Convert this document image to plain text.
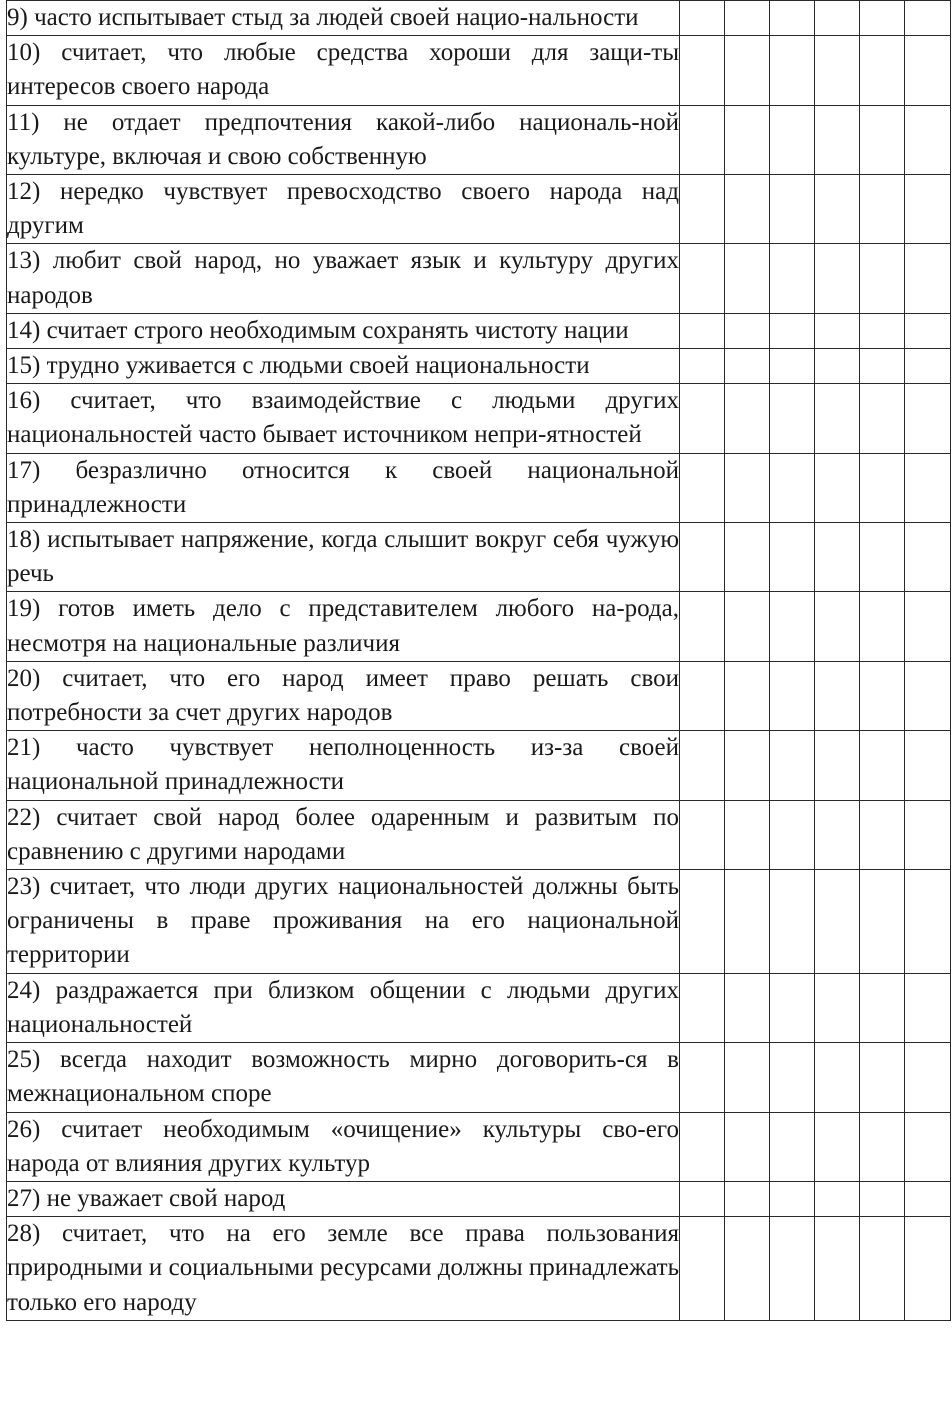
9) часто испытывает стыд за людей своей нацио-нальности						
10) считает, что любые средства хороши для защи-ты интересов своего народа						
11) не отдает предпочтения какой-либо националь-ной культуре, включая и свою собственную						
12) нередко чувствует превосходство своего народа над другим						
13) любит свой народ, но уважает язык и культуру других народов						
14) считает строго необходимым сохранять чистоту нации						
15) трудно уживается с людьми своей национальности						
16) считает, что взаимодействие с людьми других национальностей часто бывает источником непри-ятностей						
17) безразлично относится к своей национальной принадлежности						
18) испытывает напряжение, когда слышит вокруг себя чужую речь						
19) готов иметь дело с представителем любого на-рода, несмотря на национальные различия						
20) считает, что его народ имеет право решать свои потребности за счет других народов						
21) часто чувствует неполноценность из-за своей национальной принадлежности						
22) считает свой народ более одаренным и развитым по сравнению с другими народами						
23) считает, что люди других национальностей должны быть ограничены в праве проживания на его национальной территории						
24) раздражается при близком общении с людьми других национальностей						
25) всегда находит возможность мирно договорить-ся в межнациональном споре						
26) считает необходимым «очищение» культуры сво-его народа от влияния других культур						
27) не уважает свой народ						
28) считает, что на его земле все права пользования природными и социальными ресурсами должны принадлежать только его народу						
